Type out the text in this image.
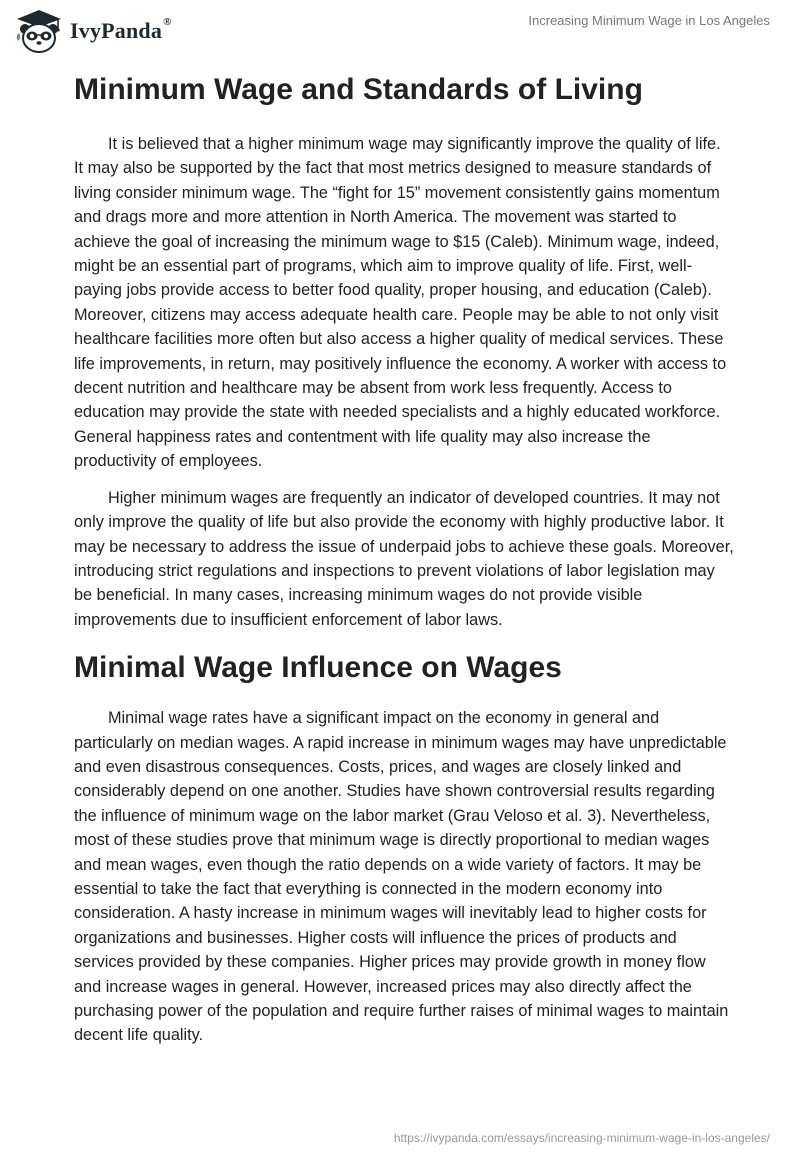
IvyPanda ®	Increasing Minimum Wage in Los Angeles
Minimum Wage and Standards of Living

It is believed that a higher minimum wage may significantly improve the quality of life. It may also be supported by the fact that most metrics designed to measure standards of living consider minimum wage. The “fight for 15” movement consistently gains momentum and drags more and more attention in North America. The movement was started to achieve the goal of increasing the minimum wage to $15 (Caleb). Minimum wage, indeed, might be an essential part of programs, which aim to improve quality of life. First, well-paying jobs provide access to better food quality, proper housing, and education (Caleb). Moreover, citizens may access adequate health care. People may be able to not only visit healthcare facilities more often but also access a higher quality of medical services. These life improvements, in return, may positively influence the economy. A worker with access to decent nutrition and healthcare may be absent from work less frequently. Access to education may provide the state with needed specialists and a highly educated workforce. General happiness rates and contentment with life quality may also increase the productivity of employees.

Higher minimum wages are frequently an indicator of developed countries. It may not only improve the quality of life but also provide the economy with highly productive labor. It may be necessary to address the issue of underpaid jobs to achieve these goals. Moreover, introducing strict regulations and inspections to prevent violations of labor legislation may be beneficial. In many cases, increasing minimum wages do not provide visible improvements due to insufficient enforcement of labor laws.

Minimal Wage Influence on Wages

Minimal wage rates have a significant impact on the economy in general and particularly on median wages. A rapid increase in minimum wages may have unpredictable and even disastrous consequences. Costs, prices, and wages are closely linked and considerably depend on one another. Studies have shown controversial results regarding the influence of minimum wage on the labor market (Grau Veloso et al. 3). Nevertheless, most of these studies prove that minimum wage is directly proportional to median wages and mean wages, even though the ratio depends on a wide variety of factors. It may be essential to take the fact that everything is connected in the modern economy into consideration. A hasty increase in minimum wages will inevitably lead to higher costs for organizations and businesses. Higher costs will influence the prices of products and services provided by these companies. Higher prices may provide growth in money flow and increase wages in general. However, increased prices may also directly affect the purchasing power of the population and require further raises of minimal wages to maintain decent life quality.

https://ivypanda.com/essays/increasing-minimum-wage-in-los-angeles/
